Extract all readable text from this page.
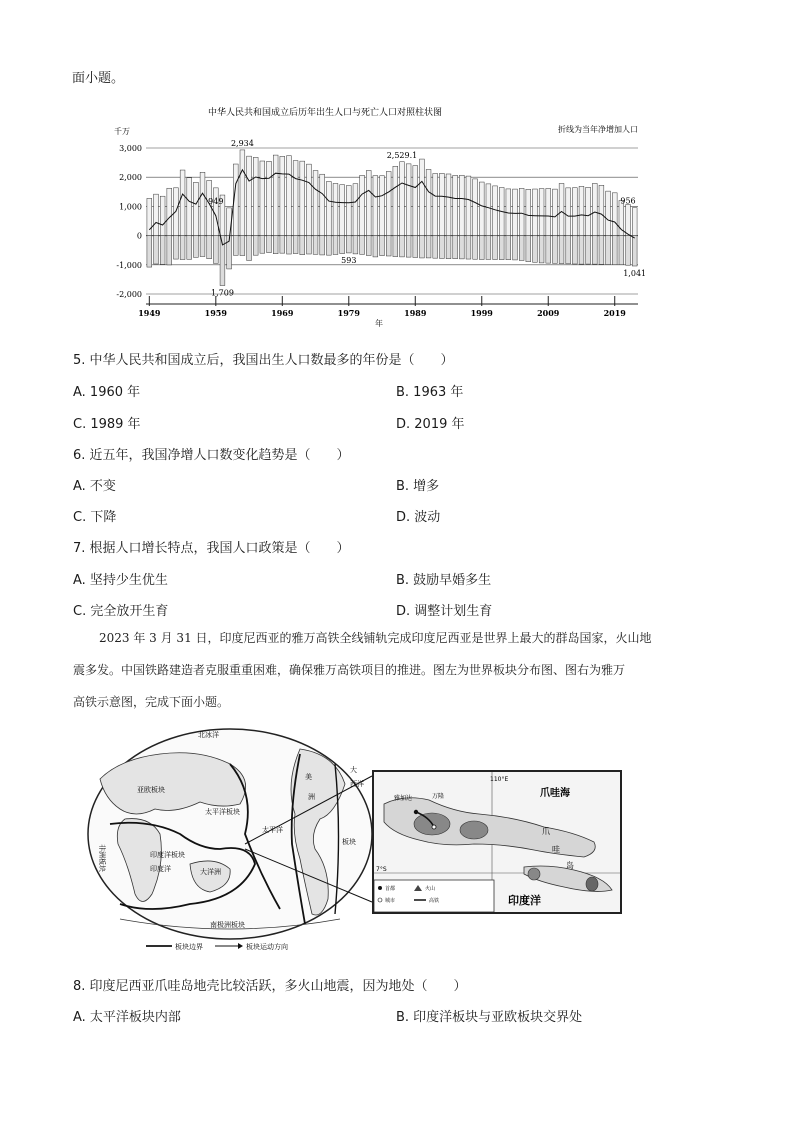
面小题。
中华人民共和国成立后历年出生人口与死亡人口对照柱状图
折线为当年净增加人口
千万
3,000
2,000
1,000
0
-1,000
-2,000
1949	1959	1969	1979	1989	1999	2009	2019
2,934
949
2,529.1
1,709
593
1,041
956
年
5. 中华人民共和国成立后，我国出生人口数最多的年份是（　　）
A. 1960 年	B. 1963 年
C. 1989 年	D. 2019 年
6. 近五年，我国净增人口数变化趋势是（　　）
A. 不变	B. 增多
C. 下降	D. 波动
7. 根据人口增长特点，我国人口政策是（　　）
A. 坚持少生优生	B. 鼓励早婚多生
C. 完全放开生育	D. 调整计划生育
2023 年 3 月 31 日，印度尼西亚的雅万高铁全线铺轨完成印度尼西亚是世界上最大的群岛国家，火山地
震多发。中国铁路建造者克服重重困难，确保雅万高铁项目的推进。图左为世界板块分布图、图右为雅万
高铁示意图，完成下面小题。
北冰洋
亚欧板块
非洲板块
太平洋板块
太平洋
印度洋板块
印度洋	大洋洲
美
大
西洋
洲
板块
南极洲板块
板块边界	板块运动方向
110°E
雅加达	万隆	爪哇海
爪
哇
岛
7°S
首都
城市
火山
高铁	印度洋
8. 印度尼西亚爪哇岛地壳比较活跃，多火山地震，因为地处（　　）
A. 太平洋板块内部	B. 印度洋板块与亚欧板块交界处
